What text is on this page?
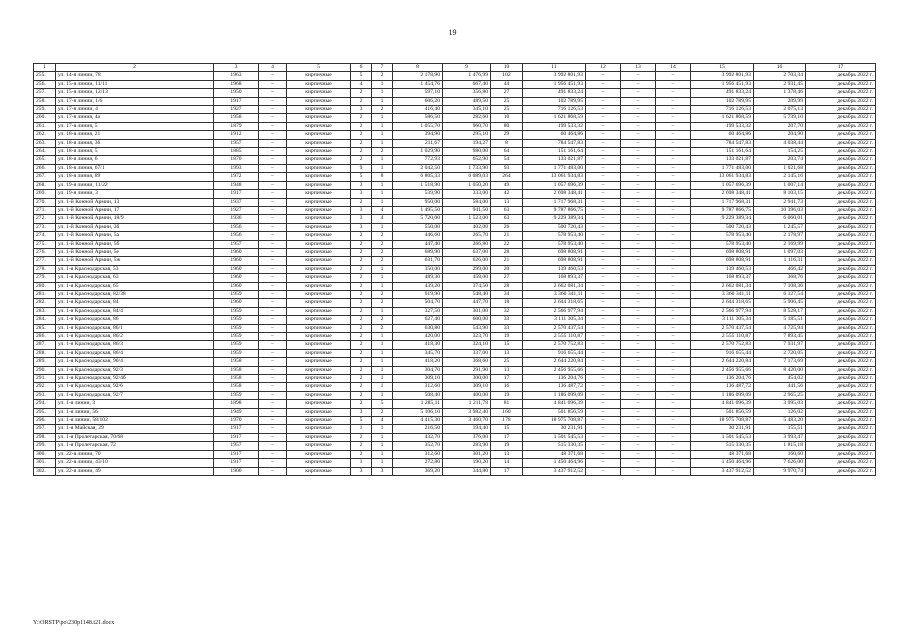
19
1	2	3	4	5	6	7	8	9	10	11	12	13	14	15	16	17
255.	ул. 14-я линии, 78	1963	–	кирпичные	5	2	2 178,90	1 476,99	102	3 992 801,93	–	–	–	3 992 801,93	2 703,34	декабрь 2022 г.
256.	ул. 15-я линии, 11/11	1968	–	кирпичные	4	1	1 454,76	667,40	44	1 956 451,93	–	–	–	1 956 451,93	2 931,45	декабрь 2022 г.
257.	ул. 15-я линии, 12/13	1950	–	кирпичные	2	1	597,10	356,80	27	491 833,24	–	–	–	491 833,24	1 378,46	декабрь 2022 г.
258.	ул. 17-я линии, 1/6	1917	–	кирпичные	2	1	606,20	489,50	25	102 789,95	–	–	–	102 789,95	209,99	декабрь 2022 г.
259.	ул. 17-я линии, 4	1927	–	кирпичные	3	2	416,40	345,10	25	716 126,53	–	–	–	716 126,53	2 075,13	декабрь 2022 г.
260.	ул. 17-я линия, 4а	1958	–	кирпичные	2	1	586,50	282,60	10	1 621 868,59	–	–	–	1 621 868,59	5 739,10	декабрь 2022 г.
261.	ул. 17-я линия, 5	1879	–	кирпичные	2	1	1 055,70	960,70	80	199 533,32	–	–	–	199 533,32	207,70	декабрь 2022 г.
262.	ул. 18-я линия, 21	1912	–	кирпичные	2	1	394,90	295,10	29	60 464,86	–	–	–	60 464,86	204,90	декабрь 2022 г.
263.	ул. 18-я линия, 36	1957	–	кирпичные	2	1	211,67	194,27	8	784 547,83	–	–	–	784 547,83	4 038,44	декабрь 2022 г.
264.	ул. 18-я линия, 5	1885	–	кирпичные	2	2	1 029,90	980,00	64	151 161,64	–	–	–	151 161,64	154,25	декабрь 2022 г.
265.	ул. 18-я линия, 6	1870	–	кирпичные	2	1	772,93	652,90	54	133 021,87	–	–	–	133 021,87	203,74	декабрь 2022 г.
266.	ул. 18-я линия, 67/1	1993	–	кирпичные	9	1	2 042,50	1 733,90	93	1 771 483,00	–	–	–	1 771 483,00	1 021,68	декабрь 2022 г.
267.	ул. 18-я линия, 89	1972	–	кирпичные	5	8	6 805,33	6 089,03	264	13 061 934,83	–	–	–	13 061 934,83	2 145,16	декабрь 2022 г.
268.	ул. 19-я линии, 11/22	1948	–	кирпичные	3	1	1 518,90	1 050,20	49	1 057 696,39	–	–	–	1 057 696,39	1 007,14	декабрь 2022 г.
269.	ул. 19-я линии, 3	1917	–	кирпичные	3	1	539,90	333,00	42	2 698 348,41	–	–	–	2 698 348,41	8 103,15	декабрь 2022 г.
270.	ул. 1-й Конной Армии, 13	1937	–	кирпичные	2	1	950,00	584,00	13	1 717 968,31	–	–	–	1 717 968,31	2 941,73	декабрь 2022 г.
271.	ул. 1-й Конной Армии, 17	1927	–	кирпичные	3	4	1 495,50	941,50	63	9 787 866,75	–	–	–	9 787 866,75	10 396,03	декабрь 2022 г.
272.	ул. 1-й Конной Армии, 18/9	1936	–	кирпичные	3	4	5 720,00	1 523,00	63	9 229 389,34	–	–	–	9 229 389,34	6 060,01	декабрь 2022 г.
273.	ул. 1-й Конной Армии, 3б	1956	–	кирпичные	3	1	550,00	402,00	26	500 720,43	–	–	–	500 720,43	1 245,57	декабрь 2022 г.
274.	ул. 1-й Конной Армии, 5а	1956	–	кирпичные	2	2	446,60	265,70	21	578 953,40	–	–	–	578 953,40	2 178,97	декабрь 2022 г.
275.	ул. 1-й Конной Армии, 5б	1957	–	кирпичные	2	2	447,40	266,80	22	578 953,40	–	–	–	578 953,40	2 169,99	декабрь 2022 г.
276.	ул. 1-й Конной Армии, 5е	1960	–	кирпичные	2	2	689,90	637,00	28	698 808,91	–	–	–	698 808,91	1 097,03	декабрь 2022 г.
277.	ул. 1-й Конной Армии, 5ж	1960	–	кирпичные	2	2	631,70	626,00	21	698 808,91	–	–	–	698 808,91	1 116,31	декабрь 2022 г.
278.	ул. 1-я Краснодарская, 53	1960	–	кирпичные	2	1	350,00	299,00	20	139 460,53	–	–	–	139 460,53	466,42	декабрь 2022 г.
279.	ул. 1-я Краснодарская, 63	1960	–	кирпичные	2	1	489,30	458,00	27	168 893,37	–	–	–	168 893,37	368,76	декабрь 2022 г.
280.	ул. 1-я Краснодарская, 65	1960	–	кирпичные	2	1	439,20	374,50	28	2 662 081,34	–	–	–	2 662 081,34	7 108,36	декабрь 2022 г.
281.	ул. 1-я Краснодарская, 82/38	1959	–	кирпичные	2	2	919,90	548,40	34	3 360 341,11	–	–	–	3 360 341,11	6 127,54	декабрь 2022 г.
282.	ул. 1-я Краснодарская, 84	1960	–	кирпичные	2	2	504,70	447,70	18	2 644 318,65	–	–	–	2 644 318,65	5 906,45	декабрь 2022 г.
283.	ул. 1-я Краснодарская, 84/4	1959	–	кирпичные	2	1	327,50	301,00	32	2 566 977,94	–	–	–	2 566 977,94	8 528,17	декабрь 2022 г.
284.	ул. 1-я Краснодарская, 86	1959	–	кирпичные	2	2	627,40	600,00	33	3 111 305,34	–	–	–	3 111 305,34	5 185,51	декабрь 2022 г.
285.	ул. 1-я Краснодарская, 86/1	1959	–	кирпичные	2	2	630,80	543,90	33	2 570 437,54	–	–	–	2 570 437,54	4 725,94	декабрь 2022 г.
286.	ул. 1-я Краснодарская, 86/2	1959	–	кирпичные	2	1	420,00	323,70	19	2 555 110,87	–	–	–	2 555 110,87	7 893,45	декабрь 2022 г.
287.	ул. 1-я Краснодарская, 86/3	1959	–	кирпичные	2	1	418,30	324,10	15	2 570 752,83	–	–	–	2 570 752,83	7 931,97	декабрь 2022 г.
288.	ул. 1-я Краснодарская, 86/4	1959	–	кирпичные	2	1	345,70	337,00	13	916 655,44	–	–	–	916 655,44	2 720,05	декабрь 2022 г.
289.	ул. 1-я Краснодарская, 90/4	1958	–	кирпичные	2	1	418,20	368,60	25	2 644 220,84	–	–	–	2 644 220,84	7 173,69	декабрь 2022 г.
290.	ул. 1-я Краснодарская, 92/3	1958	–	кирпичные	2	1	304,70	291,90	13	2 456 955,66	–	–	–	2 456 955,66	8 420,00	декабрь 2022 г.
291.	ул. 1-я Краснодарская, 92/4б	1958	–	кирпичные	2	1	309,10	300,00	17	136 204,76	–	–	–	136 204,76	454,02	декабрь 2022 г.
292.	ул. 1-я Краснодарская, 92/6	1958	–	кирпичные	2	1	312,60	309,10	16	136 487,72	–	–	–	136 487,72	441,56	декабрь 2022 г.
293.	ул. 1-я Краснодарская, 92/7	1959	–	кирпичные	2	1	508,40	400,00	19	1 186 099,09	–	–	–	1 186 099,09	2 965,25	декабрь 2022 г.
294.	ул. 1-я линии, 3	1898	–	кирпичные	2	5	1 285,11	1 211,78	81	4 841 096,39	–	–	–	4 841 096,39	3 995,03	декабрь 2022 г.
295.	ул. 1-я линии, 56	1949	–	кирпичные	3	2	5 106,10	3 982,40	160	501 856,59	–	–	–	501 856,59	126,02	декабрь 2022 г.
296.	ул. 1-я линии, 58/102	1970	–	кирпичные	5	4	4 415,30	3 460,70	178	18 975 708,87	–	–	–	18 975 708,87	5 483,20	декабрь 2022 г.
297.	ул. 1-я Майская, 29	1917	–	кирпичные	1	1	216,50	194,40	15	30 231,91	–	–	–	30 231,91	155,51	декабрь 2022 г.
298.	ул. 1-я Пролетарская, 70/68	1917	–	кирпичные	2	1	432,70	376,00	17	1 501 545,53	–	–	–	1 501 545,53	3 993,47	декабрь 2022 г.
299.	ул. 1-я Пролетарская, 72	1957	–	кирпичные	2	1	352,70	283,90	19	515 330,35	–	–	–	515 330,35	1 815,18	декабрь 2022 г.
300.	ул. 22-я линии, 70	1917	–	кирпичные	2	1	312,60	301,20	13	48 371,68	–	–	–	48 371,68	160,60	декабрь 2022 г.
301.	ул. 22-я линии, 43/10	1917	–	кирпичные	1	1	272,80	190,20	14	1 450 464,96	–	–	–	1 450 464,96	7 626,00	декабрь 2022 г.
302.	ул. 22-я линии, 49	1900	–	кирпичные	3	3	369,20	344,80	17	3 437 912,52	–	–	–	3 437 912,52	9 970,74	декабрь 2022 г.
Y:\ORSTP\po\230p1148.t21.docx
